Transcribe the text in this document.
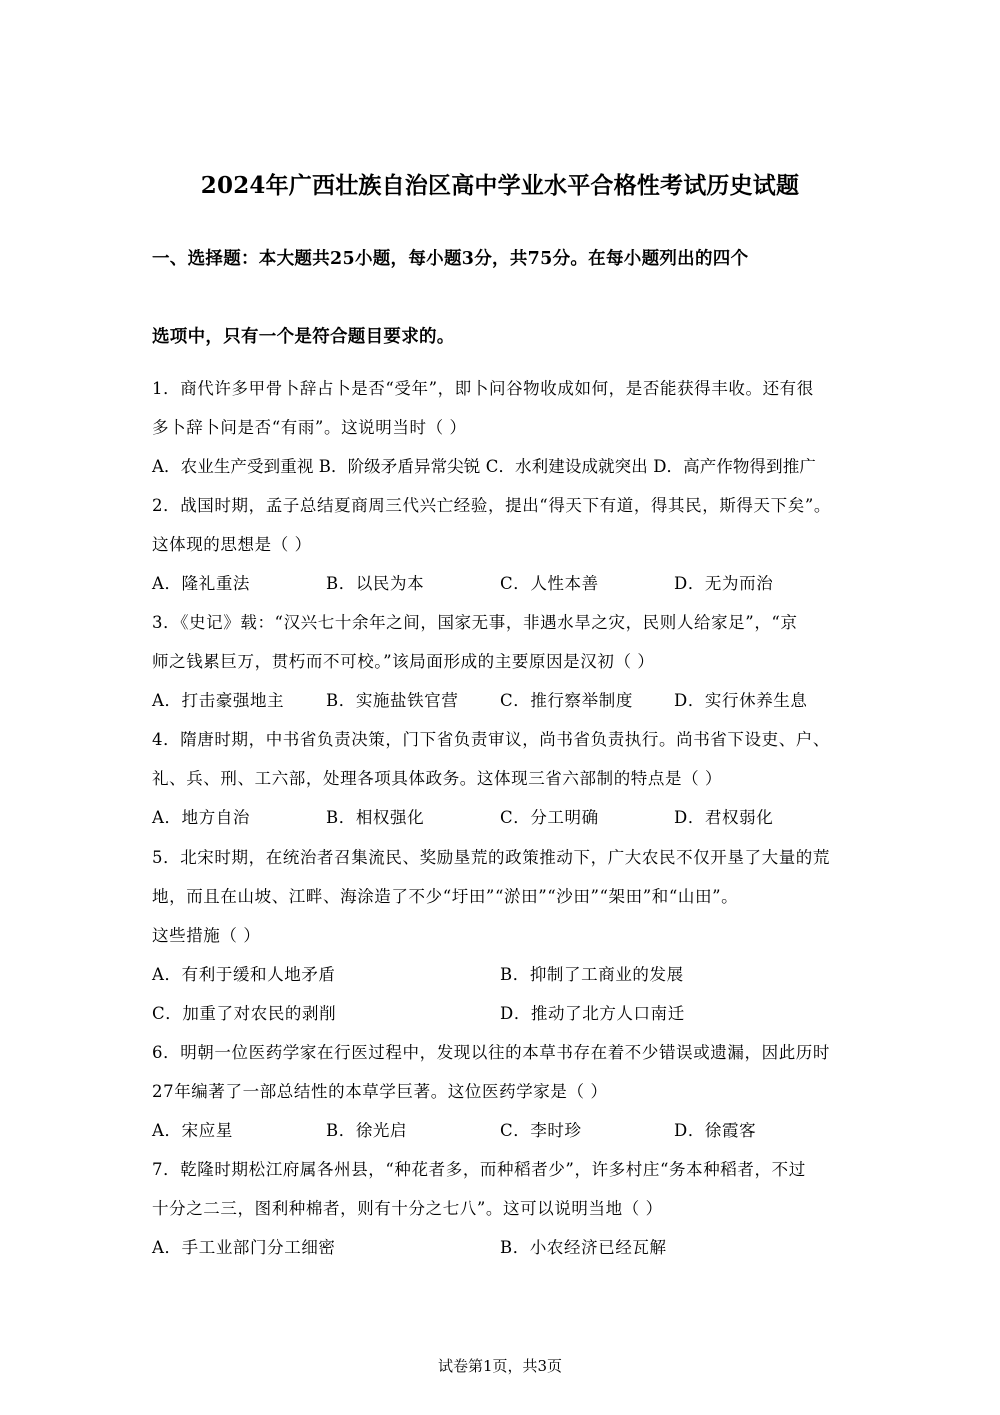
2024年广西壮族自治区高中学业水平合格性考试历史试题
一、选择题：本大题共25小题，每小题3分，共75分。在每小题列出的四个
选项中，只有一个是符合题目要求的。
1．商代许多甲骨卜辞占卜是否“受年”，即卜问谷物收成如何，是否能获得丰收。还有很
多卜辞卜问是否“有雨”。这说明当时（ ）
A．农业生产受到重视 B．阶级矛盾异常尖锐 C．水利建设成就突出 D．高产作物得到推广
2．战国时期，孟子总结夏商周三代兴亡经验，提出“得天下有道，得其民，斯得天下矣”。
这体现的思想是（ ）
A．隆礼重法	B．以民为本	C．人性本善	D．无为而治
3．《史记》载：“汉兴七十余年之间，国家无事，非遇水旱之灾，民则人给家足”，“京
师之钱累巨万，贯朽而不可校。”该局面形成的主要原因是汉初（ ）
A．打击豪强地主	B．实施盐铁官营	C．推行察举制度 D．实行休养生息
4．隋唐时期，中书省负责决策，门下省负责审议，尚书省负责执行。尚书省下设吏、户、
礼、兵、刑、工六部，处理各项具体政务。这体现三省六部制的特点是（ ）
A．地方自治	B．相权强化	C．分工明确	D．君权弱化
5．北宋时期，在统治者召集流民、奖励垦荒的政策推动下，广大农民不仅开垦了大量的荒
地，而且在山坡、江畔、海涂造了不少“圩田”“淤田”“沙田”“架田”和“山田”。
这些措施（ ）
A．有利于缓和人地矛盾	B．抑制了工商业的发展
C．加重了对农民的剥削	D．推动了北方人口南迁
6．明朝一位医药学家在行医过程中，发现以往的本草书存在着不少错误或遗漏，因此历时
27年编著了一部总结性的本草学巨著。这位医药学家是（ ）
A．宋应星	B．徐光启	C．李时珍	D．徐霞客
7．乾隆时期松江府属各州县，“种花者多，而种稻者少”，许多村庄“务本种稻者，不过
十分之二三，图利种棉者，则有十分之七八”。这可以说明当地（ ）
A．手工业部门分工细密	B．小农经济已经瓦解
试卷第1页，共3页
